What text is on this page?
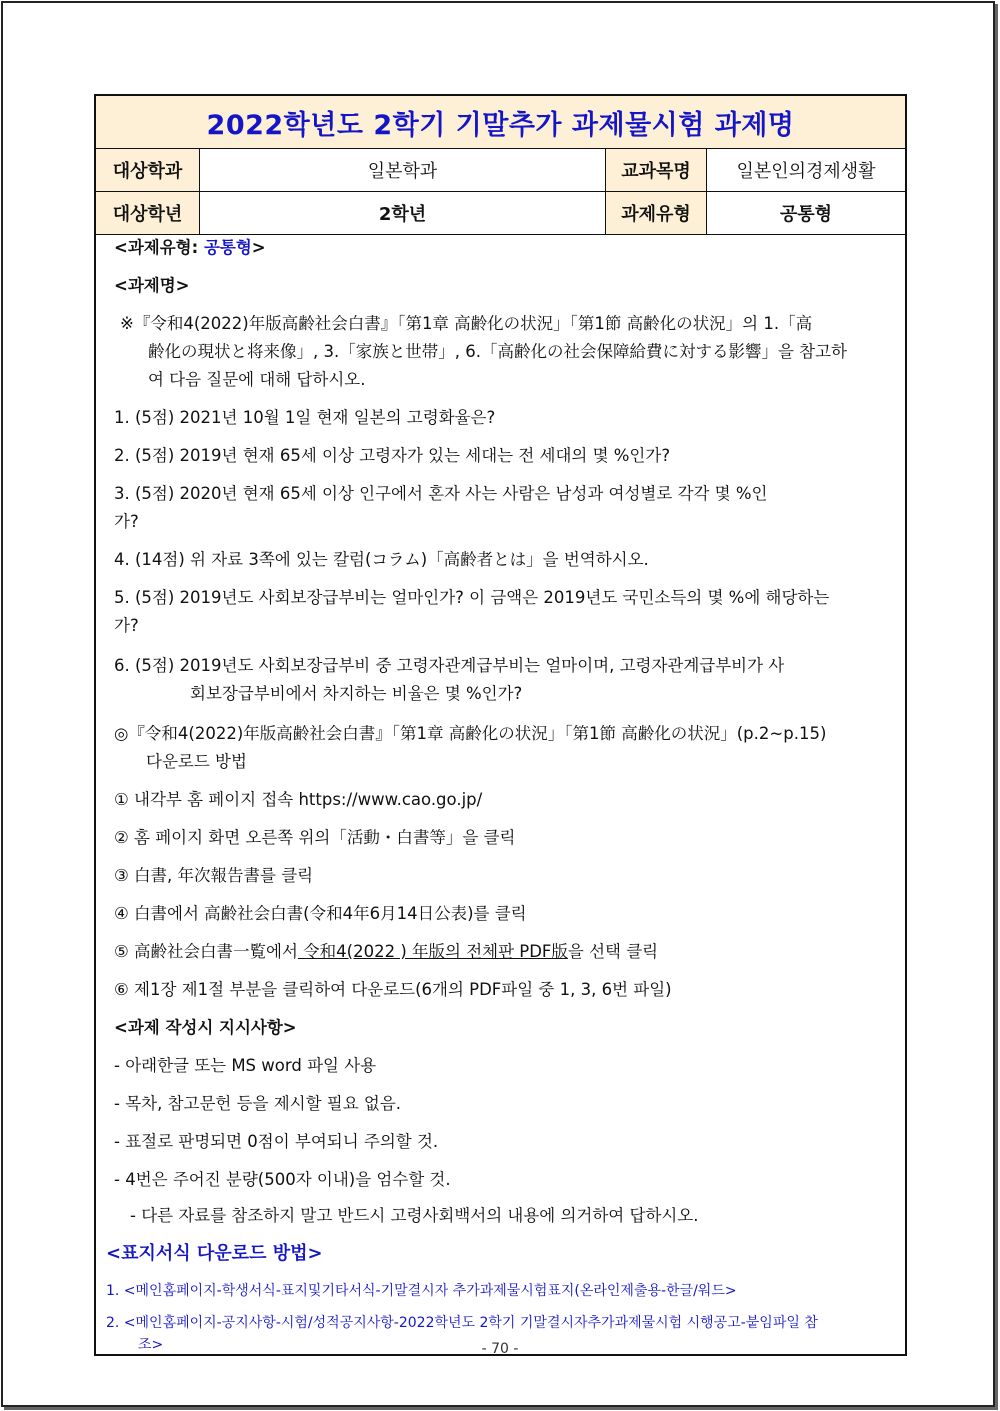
2022학년도 2학기 기말추가 과제물시험 과제명
대상학과	일본학과	교과목명	일본인의경제생활
대상학년	2학년	과제유형	공통형
<과제유형: 공통형>
<과제명>
※『令和4(2022)年版高齢社会白書』「第1章 高齢化の状況」「第1節 高齢化の状況」의 1.「高
齢化の現状と将来像」, 3.「家族と世帯」, 6.「高齢化の社会保障給費に対する影響」을 참고하
여 다음 질문에 대해 답하시오.
1. (5점) 2021년 10월 1일 현재 일본의 고령화율은?
2. (5점) 2019년 현재 65세 이상 고령자가 있는 세대는 전 세대의 몇 %인가?
3. (5점) 2020년 현재 65세 이상 인구에서 혼자 사는 사람은 남성과 여성별로 각각 몇 %인
가?
4. (14점) 위 자료 3쪽에 있는 칼럼(コラム)「高齢者とは」을 번역하시오.
5. (5점) 2019년도 사회보장급부비는 얼마인가? 이 금액은 2019년도 국민소득의 몇 %에 해당하는
가?
6. (5점) 2019년도 사회보장급부비 중 고령자관계급부비는 얼마이며, 고령자관계급부비가 사
회보장급부비에서 차지하는 비율은 몇 %인가?
◎『令和4(2022)年版高齢社会白書』「第1章 高齢化の状況」「第1節 高齢化の状況」(p.2~p.15)
다운로드 방법
① 내각부 홈 페이지 접속 https://www.cao.go.jp/
② 홈 페이지 화면 오른쪽 위의「活動・白書等」을 클릭
③ 白書, 年次報告書를 클릭
④ 白書에서 高齢社会白書(令和4年6月14日公表)를 클릭
⑤ 高齢社会白書一覧에서 令和4(2022 ) 年版의 전체판 PDF版을 선택 클릭
⑥ 제1장 제1절 부분을 클릭하여 다운로드(6개의 PDF파일 중 1, 3, 6번 파일)
<과제 작성시 지시사항>
- 아래한글 또는 MS word 파일 사용
- 목차, 참고문헌 등을 제시할 필요 없음.
- 표절로 판명되면 0점이 부여되니 주의할 것.
- 4번은 주어진 분량(500자 이내)을 엄수할 것.
- 다른 자료를 참조하지 말고 반드시 고령사회백서의 내용에 의거하여 답하시오.
<표지서식 다운로드 방법>
1. <메인홈페이지-학생서식-표지및기타서식-기말결시자 추가과제물시험표지(온라인제출용-한글/워드>
2. <메인홈페이지-공지사항-시험/성적공지사항-2022학년도 2학기 기말결시자추가과제물시험 시행공고-붙임파일 참
조>	- 70 -
